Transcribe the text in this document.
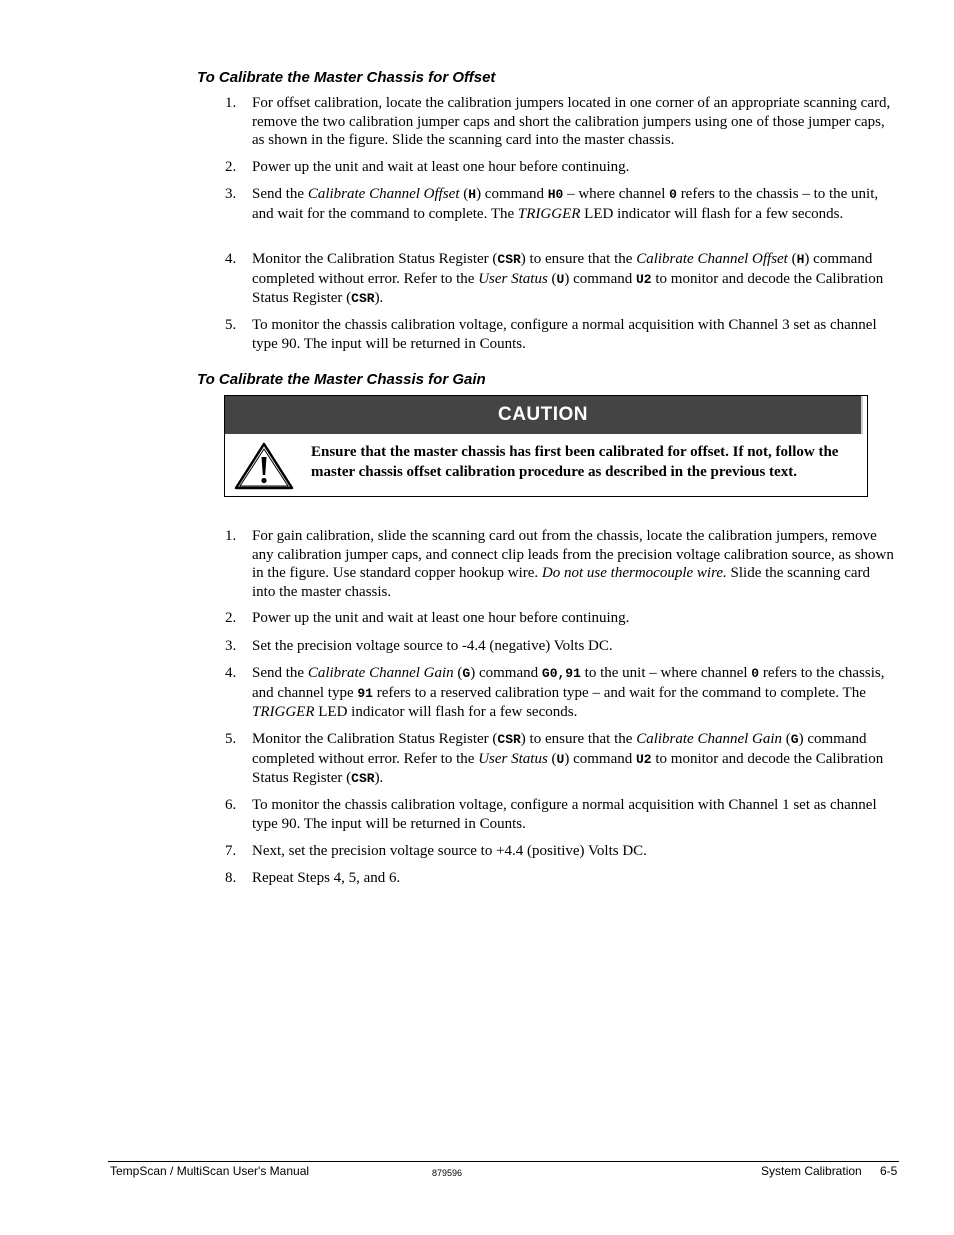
To Calibrate the Master Chassis for Offset
1.	For offset calibration, locate the calibration jumpers located in one corner of an appropriate scanning card, remove the two calibration jumper caps and short the calibration jumpers using one of those jumper caps, as shown in the figure. Slide the scanning card into the master chassis.
2.	Power up the unit and wait at least one hour before continuing.
3.	Send the Calibrate Channel Offset (H) command H0 – where channel 0 refers to the chassis – to the unit, and wait for the command to complete. The TRIGGER LED indicator will flash for a few seconds.
4.	Monitor the Calibration Status Register (CSR) to ensure that the Calibrate Channel Offset (H) command completed without error. Refer to the User Status (U) command U2 to monitor and decode the Calibration Status Register (CSR).
5.	To monitor the chassis calibration voltage, configure a normal acquisition with Channel 3 set as channel type 90. The input will be returned in Counts.
To Calibrate the Master Chassis for Gain
CAUTION
Ensure that the master chassis has first been calibrated for offset. If not, follow the master chassis offset calibration procedure as described in the previous text.
1.	For gain calibration, slide the scanning card out from the chassis, locate the calibration jumpers, remove any calibration jumper caps, and connect clip leads from the precision voltage calibration source, as shown in the figure. Use standard copper hookup wire. Do not use thermocouple wire. Slide the scanning card into the master chassis.
2.	Power up the unit and wait at least one hour before continuing.
3.	Set the precision voltage source to -4.4 (negative) Volts DC.
4.	Send the Calibrate Channel Gain (G) command G0,91 to the unit – where channel 0 refers to the chassis, and channel type 91 refers to a reserved calibration type – and wait for the command to complete. The TRIGGER LED indicator will flash for a few seconds.
5.	Monitor the Calibration Status Register (CSR) to ensure that the Calibrate Channel Gain (G) command completed without error. Refer to the User Status (U) command U2 to monitor and decode the Calibration Status Register (CSR).
6.	To monitor the chassis calibration voltage, configure a normal acquisition with Channel 1 set as channel type 90. The input will be returned in Counts.
7.	Next, set the precision voltage source to +4.4 (positive) Volts DC.
8.	Repeat Steps 4, 5, and 6.
TempScan / MultiScan User's Manual	879596	System Calibration 6-5
